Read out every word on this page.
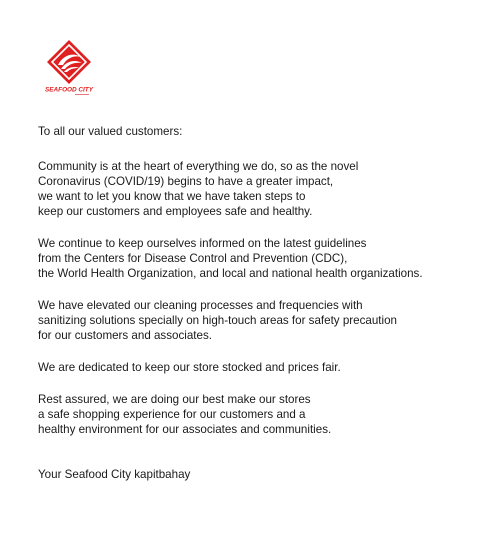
SEAFOOD CITY

To all our valued customers:

Community is at the heart of everything we do, so as the novel
Coronavirus (COVID/19) begins to have a greater impact,
we want to let you know that we have taken steps to
keep our customers and employees safe and healthy.

We continue to keep ourselves informed on the latest guidelines
from the Centers for Disease Control and Prevention (CDC),
the World Health Organization, and local and national health organizations.

We have elevated our cleaning processes and frequencies with
sanitizing solutions specially on high-touch areas for safety precaution
for our customers and associates.

We are dedicated to keep our store stocked and prices fair.

Rest assured, we are doing our best make our stores
a safe shopping experience for our customers and a
healthy environment for our associates and communities.

Your Seafood City kapitbahay
